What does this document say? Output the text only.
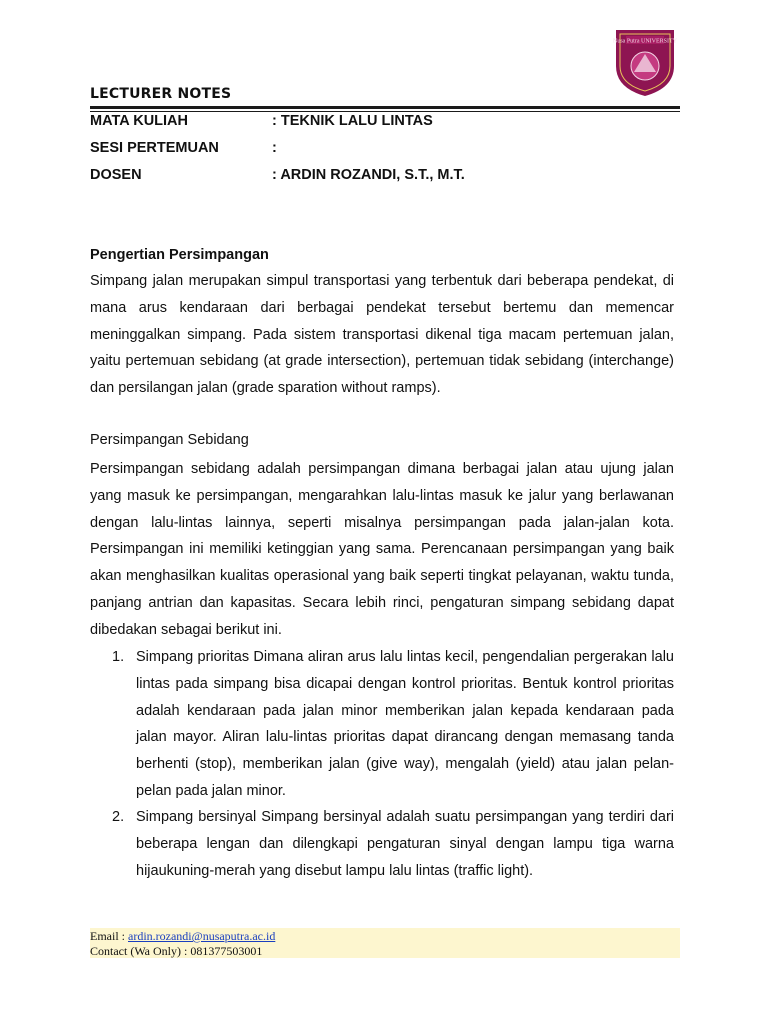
Nusa Putra UNIVERSITY
LECTURER NOTES
MATA KULIAH	: TEKNIK LALU LINTAS
SESI PERTEMUAN	:
DOSEN	: ARDIN ROZANDI, S.T., M.T.
Pengertian Persimpangan

Simpang jalan merupakan simpul transportasi yang terbentuk dari beberapa pendekat, di mana arus kendaraan dari berbagai pendekat tersebut bertemu dan memencar meninggalkan simpang. Pada sistem transportasi dikenal tiga macam pertemuan jalan, yaitu pertemuan sebidang (at grade intersection), pertemuan tidak sebidang (interchange) dan persilangan jalan (grade sparation without ramps).

Persimpangan Sebidang

Persimpangan sebidang adalah persimpangan dimana berbagai jalan atau ujung jalan yang masuk ke persimpangan, mengarahkan lalu-lintas masuk ke jalur yang berlawanan dengan lalu-lintas lainnya, seperti misalnya persimpangan pada jalan-jalan kota. Persimpangan ini memiliki ketinggian yang sama. Perencanaan persimpangan yang baik akan menghasilkan kualitas operasional yang baik seperti tingkat pelayanan, waktu tunda, panjang antrian dan kapasitas. Secara lebih rinci, pengaturan simpang sebidang dapat dibedakan sebagai berikut ini.

1. Simpang prioritas Dimana aliran arus lalu lintas kecil, pengendalian pergerakan lalu lintas pada simpang bisa dicapai dengan kontrol prioritas. Bentuk kontrol prioritas adalah kendaraan pada jalan minor memberikan jalan kepada kendaraan pada jalan mayor. Aliran lalu-lintas prioritas dapat dirancang dengan memasang tanda berhenti (stop), memberikan jalan (give way), mengalah (yield) atau jalan pelan-pelan pada jalan minor.
2. Simpang bersinyal Simpang bersinyal adalah suatu persimpangan yang terdiri dari beberapa lengan dan dilengkapi pengaturan sinyal dengan lampu tiga warna hijaukuning-merah yang disebut lampu lalu lintas (traffic light).
Email : ardin.rozandi@nusaputra.ac.id
Contact (Wa Only) : 081377503001
